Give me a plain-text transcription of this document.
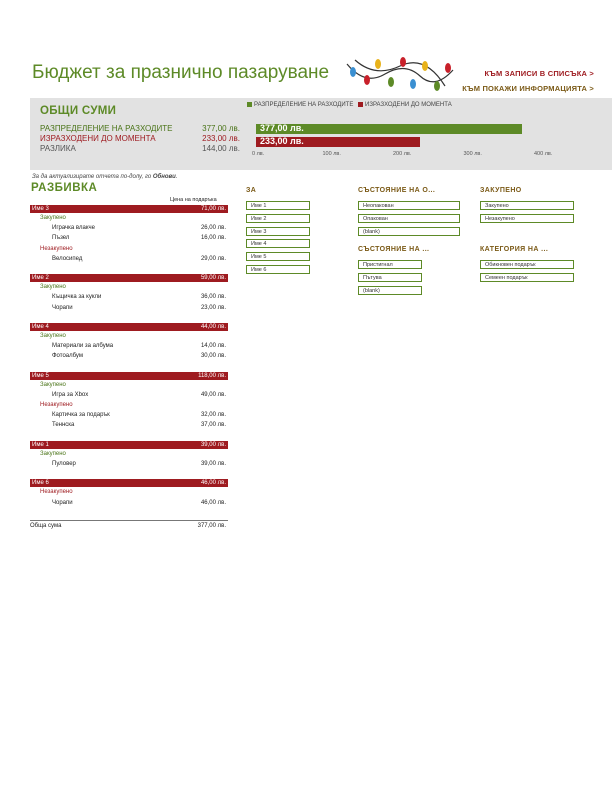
Бюджет за празнично пазаруване	КЪМ ЗАПИСИ В СПИСЪКА >
КЪМ ПОКАЖИ ИНФОРМАЦИЯТА >
ОБЩИ СУМИ
РАЗПРЕДЕЛЕНИЕ НА РАЗХОДИТЕ	377,00 лв.
ИЗРАЗХОДЕНИ ДО МОМЕНТА	233,00 лв.
РАЗЛИКА	144,00 лв.
РАЗПРЕДЕЛЕНИЕ НА РАЗХОДИТЕ ИЗРАЗХОДЕНИ ДО МОМЕНТА
377,00 лв.
233,00 лв.
0 лв.	100 лв.	200 лв.	300 лв.	400 лв.
За да актуализирате отчета по-долу, го Обнови.
РАЗБИВКА
Цена на подаръка
Име 3	71,00 лв.
Закупено
Играчка влакче	26,00 лв.
Пъзел	16,00 лв.
Незакупено
Велосипед	29,00 лв.
Име 2	59,00 лв.
Закупено
Къщичка за кукли	36,00 лв.
Чорапи	23,00 лв.
Име 4	44,00 лв.
Закупено
Материали за албума	14,00 лв.
Фотоалбум	30,00 лв.
Име 5	118,00 лв.
Закупено
Игра за Xbox	49,00 лв.
Незакупено
Картичка за подарък	32,00 лв.
Теннска	37,00 лв.
Име 1	39,00 лв.
Закупено
Пуловер	39,00 лв.
Име 6	46,00 лв.
Незакупено
Чорапи	46,00 лв.
Обща сума	377,00 лв.
ЗА
Име 1
Име 2
Име 3
Име 4
Име 5
Име 6
СЪСТОЯНИЕ НА О...
Неопакован
Опакован
(blank)
ЗАКУПЕНО
Закупено
Незакупено
СЪСТОЯНИЕ НА ...
Пристигнал
Пътува
(blank)
КАТЕГОРИЯ НА ...
Обикновен подарък
Семеен подарък
